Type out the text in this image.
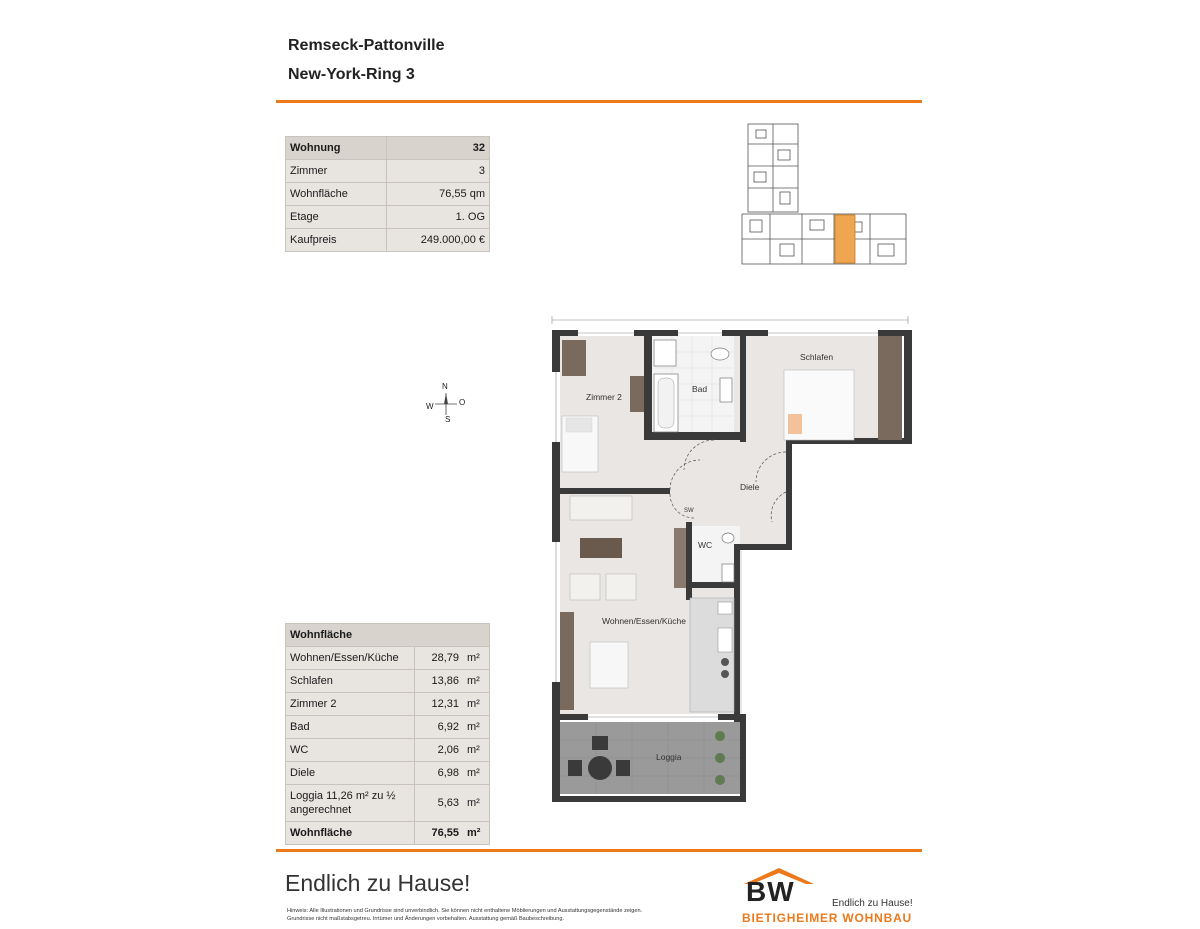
Remseck-Pattonville
New-York-Ring 3
Wohnung	32
Zimmer	3
Wohnfläche	76,55 qm
Etage	1. OG
Kaufpreis	249.000,00 €
N
W	O
S
Zimmer 2
Bad
Schlafen
Diele
WC
Wohnen/Essen/Küche
Loggia
SW
Wohnfläche		
Wohnen/Essen/Küche	28,79	m²
Schlafen	13,86	m²
Zimmer 2	12,31	m²
Bad	6,92	m²
WC	2,06	m²
Diele	6,98	m²
Loggia 11,26 m² zu ½ angerechnet	5,63	m²
Wohnfläche	76,55	m²
Endlich zu Hause!
Hinweis: Alle Illustrationen und Grundrisse sind unverbindlich. Sie können nicht enthaltene Möblierungen und Ausstattungsgegenstände zeigen.
Grundrisse nicht maßstabsgetreu. Irrtümer und Änderungen vorbehalten. Ausstattung gemäß Baubeschreibung.
BW	Endlich zu Hause!
BIETIGHEIMER WOHNBAU
